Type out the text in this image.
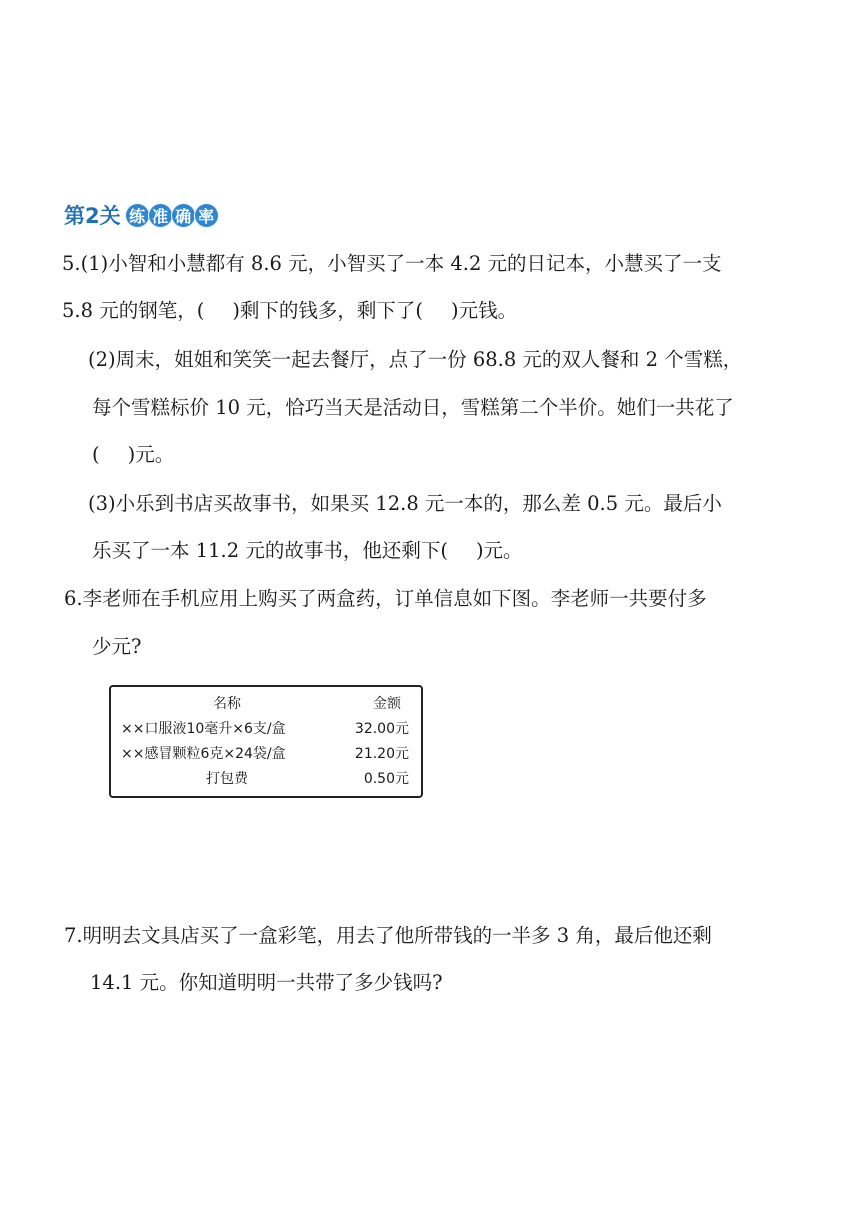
第2关 练 准 确 率
5.(1)小智和小慧都有 8.6 元，小智买了一本 4.2 元的日记本，小慧买了一支
5.8 元的钢笔，( )剩下的钱多，剩下了( )元钱。
(2)周末，姐姐和笑笑一起去餐厅，点了一份 68.8 元的双人餐和 2 个雪糕，
每个雪糕标价 10 元，恰巧当天是活动日，雪糕第二个半价。她们一共花了
( )元。
(3)小乐到书店买故事书，如果买 12.8 元一本的，那么差 0.5 元。最后小
乐买了一本 11.2 元的故事书，他还剩下( )元。
6.李老师在手机应用上购买了两盒药，订单信息如下图。李老师一共要付多
少元?
名称	金额
××口服液10毫升×6支/盒	32.00元
××感冒颗粒6克×24袋/盒	21.20元
打包费	0.50元
7.明明去文具店买了一盒彩笔，用去了他所带钱的一半多 3 角，最后他还剩
14.1 元。你知道明明一共带了多少钱吗?
